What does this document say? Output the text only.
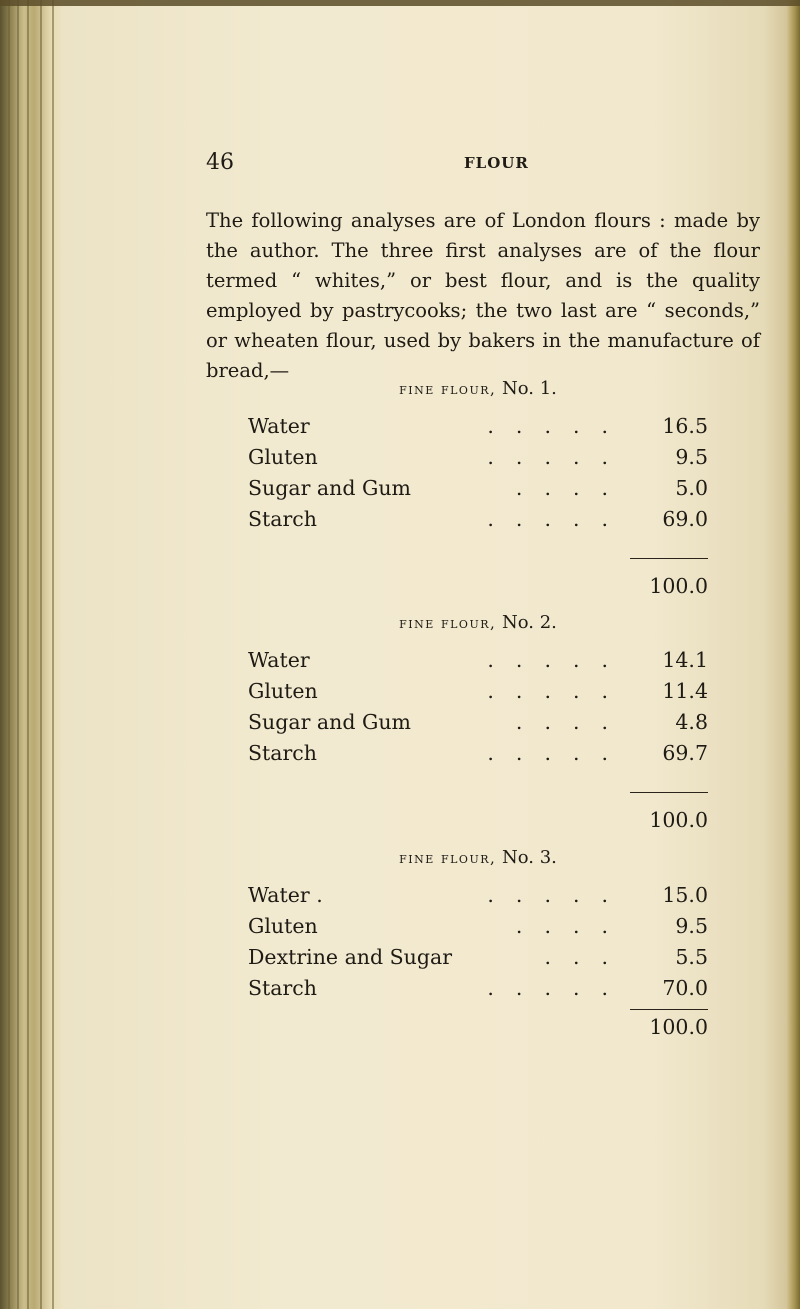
46	FLOUR
The following analyses are of London flours : made by the author. The three first analyses are of the flour termed “ whites,” or best flour, and is the quality employed by pastrycooks; the two last are “ seconds,” or wheaten flour, used by bakers in the manufacture of bread,—
fine flour, No. 1.
Water	.....	16.5
Gluten	.....	9.5
Sugar and Gum	....	5.0
Starch	.....	69.0
100.0
fine flour, No. 2.
Water	.....	14.1
Gluten	.....	11.4
Sugar and Gum	....	4.8
Starch	.....	69.7
100.0
fine flour, No. 3.
Water .	.....	15.0
Gluten	....	9.5
Dextrine and Sugar	...	5.5
Starch	.....	70.0
100.0
